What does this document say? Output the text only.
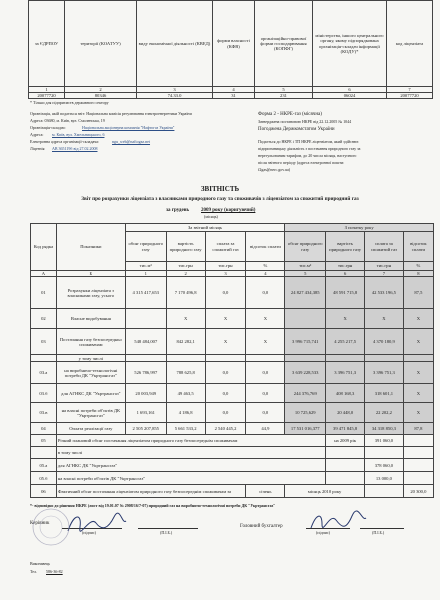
за ЄДРПОУ	території (КОАТУУ)	виду економічної діяльності (КВЕД)	форми власності (КФВ)	організаційно-правової форми господарювання (КОПФГ)	міністерства, іншого центрального органу, якому підпорядкована організація-складач інформації (КОДУ)*	код ліцензіата
1	2	3	4	5	6	7
20077720	80346	74.33.0	31	231	06024	20077720
* Тільки для підприємств державного сектору
Організація, якій подається звіт: Національна комісія регулювання електроенергетики України
Адреса: 03680, м. Київ, вул. Смоленська, 19
Організація-складач:	Національна акціонерна компанія "Нафтогаз України"
Адреса: м. Київ, вул. Хмельницького, 6
Електронна адреса організації-складача:	ngu_web@naftogaz.net
Ліцензія АВ 365119б від 27.02.2008
Форма 2 - НКРЕ-газ (місячна)
Затверджена постановою НКРЕ від 22.12.2005 № 1044
Погоджена Держкомстатом України
Подається до НКРЕ і ТП НКРЕ ліцензіатом, який здійснює
підприємницьку діяльність з постачання природного газу за
нерегульованим тарифом, до 20 числа місяця, наступного
після звітного періоду (адреса електронної пошти:
f2gas@nerc.gov.ua)
ЗВІТНІСТЬ
Звіт про розрахунки ліцензіата з власниками природного газу та споживачів з ліцензіатом за спожитий природний газ
за грудень 2009 року (коригуючий)
(місяць)
Код рядка	Показники	За звітний місяць				З початку року			
		обсяг природного газу	вартість природного газу	сплата за спожитий газ	відсоток сплати	обсяг природного газу	вартість природного газу	сплата за спожитий газ	відсоток сплати
		тис.м³	тис.грн	тис.грн	%	тис.м³	тис.грн	тис.грн	%
А	Б	1	2	3	4	5	6	7	8
01	Розрахунки ліцензіата з власниками газу, усього	4 315 417,653	7 170 496,8	0,0	0,0	24 827 434,385	48 591 715,8	42 533 196,5	87,5
02	Власне видобування		X	X	X		X	X	X
03	Постачання газу безпосередньо споживачам	548 484,007	842 282,1	X	X	3 996 715,741	4 255 217,5	4 370 180,9	X
	у тому числі								
03.а	на виробничо-технологічні потреби ДК "Укртрансгаз"	526 786,997	788 625,8	0,0	0,0	3 639 228,533	3 396 751,3	3 396 751,3	X
03.б	для АГНКС ДК "Укртрансгаз"	20 003,949	49 463,5	0,0	0,0	244 376,769	408 168,3	318 601,1	X
03.в	на власні потреби об'єктів ДК "Укртрансгаз"	1 693,161	4 186,8	0,0	0,0	10 725,629	20 448,0	22 202,2	X
04	Оплата реалізації газу	2 505 207,855	5 661 533,2	2 540 445,2	44,9	17 531 016,377	39 471 845,8	34 318 850,3	87,8
05	Річний плановий обсяг постачання ліцензіатом природного газу безпосереднім споживачам						на 2009 рік	391 060,0	
	в тому числі								
05.а	для АГНКС ДК "Укртрансгаз"							378 060,0	
05.б	на власні потреби об'єктів ДК "Укртрансгаз"							13 000,0	
06	Фактичний обсяг постачання ліцензіатом природного газу безпосереднім споживачам за				січень	місяць 2010 року			20 300,0
*- відповідно до рішення НКРЕ (лист від 19.01.07 № 2908/16/7-07) природний газ на виробничо-технологічні потреби ДК "Укртрансгаз"
Керівник
(підпис)	(П.І.Б.)
Головний бухгалтер
(підпис)	(П.І.Б.)
Виконавець
Тел. 586-36-82
